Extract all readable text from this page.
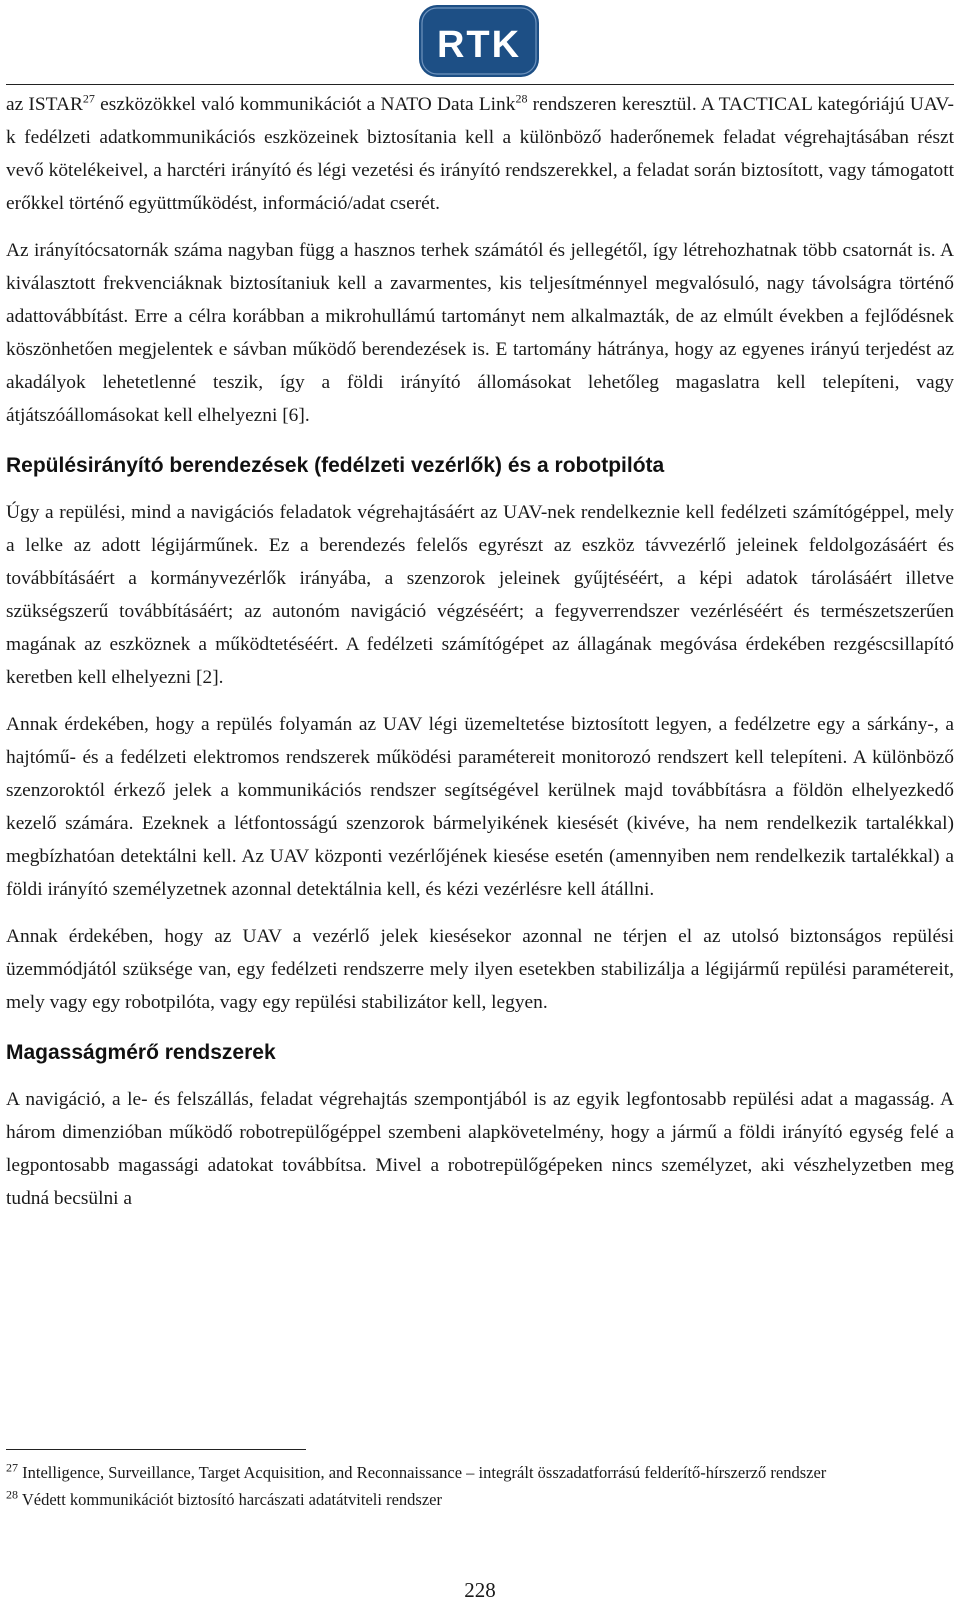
RTK

az ISTAR$^{27}$ eszközökkel való kommunikációt a NATO Data Link$^{28}$ rendszeren keresztül. A TACTICAL kategóriájú UAV-k fedélzeti adatkommunikációs eszközeinek biztosítania kell a különböző haderőnemek feladat végrehajtásában részt vevő kötelékeivel, a harctéri irányító és légi vezetési és irányító rendszerekkel, a feladat során biztosított, vagy támogatott erőkkel történő együttműködést, információ/adat cserét.

Az irányítócsatornák száma nagyban függ a hasznos terhek számától és jellegétől, így létrehozhatnak több csatornát is. A kiválasztott frekvenciáknak biztosítaniuk kell a zavarmentes, kis teljesítménnyel megvalósuló, nagy távolságra történő adattovábbítást. Erre a célra korábban a mikrohullámú tartományt nem alkalmazták, de az elmúlt években a fejlődésnek köszönhetően megjelentek e sávban működő berendezések is. E tartomány hátránya, hogy az egyenes irányú terjedést az akadályok lehetetlenné teszik, így a földi irányító állomásokat lehetőleg magaslatra kell telepíteni, vagy átjátszóállomásokat kell elhelyezni [6].

Repülésirányító berendezések (fedélzeti vezérlők) és a robotpilóta

Úgy a repülési, mind a navigációs feladatok végrehajtásáért az UAV-nek rendelkeznie kell fedélzeti számítógéppel, mely a lelke az adott légijárműnek. Ez a berendezés felelős egyrészt az eszköz távvezérlő jeleinek feldolgozásáért és továbbításáért a kormányvezérlők irányába, a szenzorok jeleinek gyűjtéséért, a képi adatok tárolásáért illetve szükségszerű továbbításáért; az autonóm navigáció végzéséért; a fegyverrendszer vezérléséért és természetszerűen magának az eszköznek a működtetéséért. A fedélzeti számítógépet az állagának megóvása érdekében rezgéscsillapító keretben kell elhelyezni [2].

Annak érdekében, hogy a repülés folyamán az UAV légi üzemeltetése biztosított legyen, a fedélzetre egy a sárkány-, a hajtómű- és a fedélzeti elektromos rendszerek működési paramétereit monitorozó rendszert kell telepíteni. A különböző szenzoroktól érkező jelek a kommunikációs rendszer segítségével kerülnek majd továbbításra a földön elhelyezkedő kezelő számára. Ezeknek a létfontosságú szenzorok bármelyikének kiesését (kivéve, ha nem rendelkezik tartalékkal) megbízhatóan detektálni kell. Az UAV központi vezérlőjének kiesése esetén (amennyiben nem rendelkezik tartalékkal) a földi irányító személyzetnek azonnal detektálnia kell, és kézi vezérlésre kell átállni.

Annak érdekében, hogy az UAV a vezérlő jelek kiesésekor azonnal ne térjen el az utolsó biztonságos repülési üzemmódjától szüksége van, egy fedélzeti rendszerre mely ilyen esetekben stabilizálja a légijármű repülési paramétereit, mely vagy egy robotpilóta, vagy egy repülési stabilizátor kell, legyen.

Magasságmérő rendszerek

A navigáció, a le- és felszállás, feladat végrehajtás szempontjából is az egyik legfontosabb repülési adat a magasság. A három dimenzióban működő robotrepülőgéppel szembeni alapkövetelmény, hogy a jármű a földi irányító egység felé a legpontosabb magassági adatokat továbbítsa. Mivel a robotrepülőgépeken nincs személyzet, aki vészhelyzetben meg tudná becsülni a

$^{27}$ Intelligence, Surveillance, Target Acquisition, and Reconnaissance – integrált összadatforrású felderítő-hírszerző rendszer

$^{28}$ Védett kommunikációt biztosító harcászati adatátviteli rendszer

228
